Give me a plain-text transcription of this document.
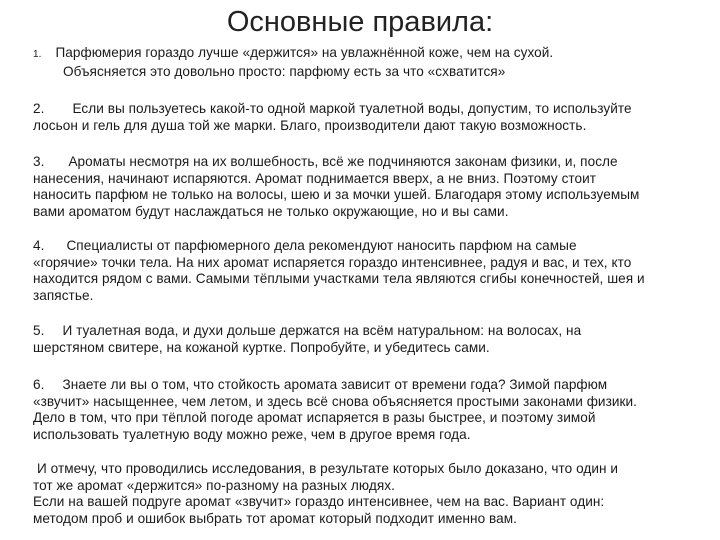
Основные правила:
1. Парфюмерия гораздо лучше «держится» на увлажнённой коже, чем на сухой.
Объясняется это довольно просто: парфюму есть за что «схватится»
2. Если вы пользуетесь какой-то одной маркой туалетной воды, допустим, то используйте
лосьон и гель для душа той же марки. Благо, производители дают такую возможность.
3. Ароматы несмотря на их волшебность, всё же подчиняются законам физики, и, после
нанесения, начинают испаряются. Аромат поднимается вверх, а не вниз. Поэтому стоит
наносить парфюм не только на волосы, шею и за мочки ушей. Благодаря этому используемым
вами ароматом будут наслаждаться не только окружающие, но и вы сами.
4. Специалисты от парфюмерного дела рекомендуют наносить парфюм на самые
«горячие» точки тела. На них аромат испаряется гораздо интенсивнее, радуя и вас, и тех, кто
находится рядом с вами. Самыми тёплыми участками тела являются сгибы конечностей, шея и
запястье.
5. И туалетная вода, и духи дольше держатся на всём натуральном: на волосах, на
шерстяном свитере, на кожаной куртке. Попробуйте, и убедитесь сами.
6. Знаете ли вы о том, что стойкость аромата зависит от времени года? Зимой парфюм
«звучит» насыщеннее, чем летом, и здесь всё снова объясняется простыми законами физики.
Дело в том, что при тёплой погоде аромат испаряется в разы быстрее, и поэтому зимой
использовать туалетную воду можно реже, чем в другое время года.
И отмечу, что проводились исследования, в результате которых было доказано, что один и
тот же аромат «держится» по-разному на разных людях.
Если на вашей подруге аромат «звучит» гораздо интенсивнее, чем на вас. Вариант один:
методом проб и ошибок выбрать тот аромат который подходит именно вам.
